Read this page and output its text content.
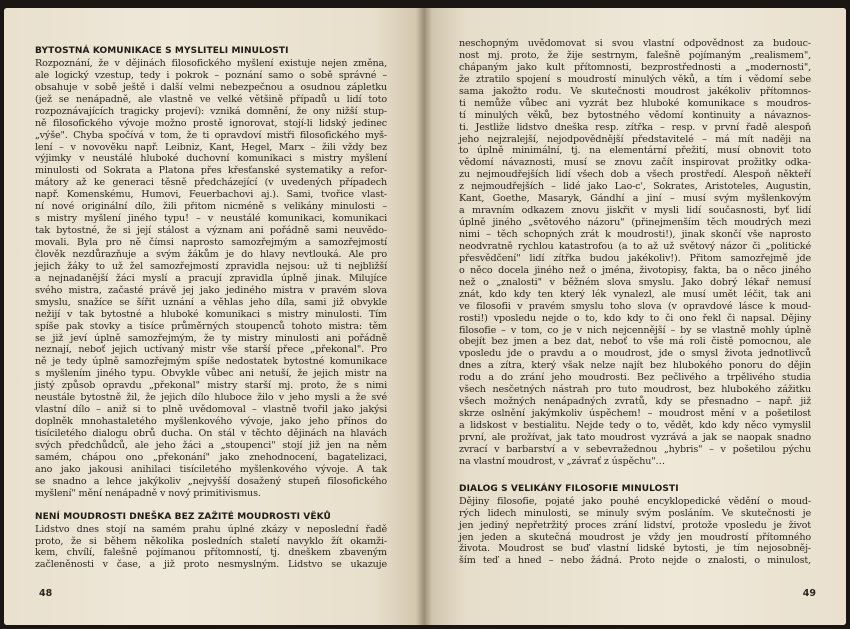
BYTOSTNÁ KOMUNIKACE S MYSLITELI MINULOSTI
Rozpoznání, že v dějinách filosofického myšlení existuje nejen změna,
ale logický vzestup, tedy i pokrok – poznání samo o sobě správné –
obsahuje v sobě ještě i další velmi nebezpečnou a osudnou zápletku
(jež se nenápadně, ale vlastně ve velké většině případů u lidí toto
rozpoznávajících tragicky projeví): vzniká domnění, že ony nižší stup-
ně filosofického vývoje možno prostě ignorovat, stojí-li lidský jedinec
„výše". Chyba spočívá v tom, že ti opravdoví mistři filosofického myš-
lení – v novověku např. Leibniz, Kant, Hegel, Marx – žili vždy bez
výjimky v neustálé hluboké duchovní komunikaci s mistry myšlení
minulosti od Sokrata a Platona přes křesťanské systematiky a refor-
mátory až ke generaci těsně předcházející (v uvedených případech
např. Komenskému, Humovi, Feuerbachovi aj.). Sami, tvořice vlast-
ní nové originální dílo, žili přitom nicméně s velikány minulosti –
s mistry myšlení jiného typu! – v neustálé komunikaci, komunikaci
tak bytostné, že si její stálost a význam ani pořádně sami neuvědo-
movali. Byla pro ně čímsi naprosto samozřejmým a samozřejmostí
člověk nezdůrazňuje a svým žákům je do hlavy nevtlouká. Ale pro
jejich žáky to už žel samozřejmostí zpravidla nejsou: už ti nejbližší
a nejnadanější žáci myslí a pracují zpravidla úplně jinak. Milujíce
svého mistra, začasté právě jej jako jediného mistra v pravém slova
smyslu, snažíce se šířit uznání a věhlas jeho díla, sami již obvykle
nežijí v tak bytostné a hluboké komunikaci s mistry minulosti. Tím
spíše pak stovky a tisíce průměrných stoupenců tohoto mistra: těm
se již jeví úplně samozřejmým, že ty mistry minulosti ani pořádně
neznají, neboť jejich uctívaný mistr vše starší přece „překonal". Pro
ně je tedy úplně samozřejmým spíše nedostatek bytostné komunikace
s myšlením jiného typu. Obvykle vůbec ani netuší, že jejich mistr na
jistý způsob opravdu „překonal" mistry starší mj. proto, že s nimi
neustále bytostně žil, že jejich dílo hluboce žilo v jeho mysli a že své
vlastní dílo – aniž si to plně uvědomoval – vlastně tvořil jako jakýsi
doplněk mnohastaletého myšlenkového vývoje, jako jeho přínos do
tisíciletého dialogu obrů ducha. On stál v těchto dějinách na hlavách
svých předchůdců, ale jeho žáci a „stoupenci" stojí již jen na něm
samém, chápou ono „překonání" jako znehodnocení, bagatelizaci,
ano jako jakousi anihilaci tisíciletého myšlenkového vývoje. A tak
se snadno a lehce jakýkoliv „nejvyšší dosažený stupeň filosofického
myšlení" mění nenápadně v nový primitivismus.
NENÍ MOUDROSTI DNEŠKA BEZ ZAŽITÉ MOUDROSTI VĚKŮ
Lidstvo dnes stojí na samém prahu úplné zkázy v neposlední řadě
proto, že si během několika posledních staletí navyklo žít okamži-
kem, chvílí, falešně pojímanou přítomností, tj. dneškem zbaveným
začleněnosti v čase, a již proto nesmyslným. Lidstvo se ukazuje
48
neschopným uvědomovat si svou vlastní odpovědnost za budouc-
nost mj. proto, že žije sestrnym, falešně pojímaným „realismem",
chápaným jako kult přítomnosti, bezprostřednosti a „modernosti",
že ztratilo spojení s moudrostí minulých věků, a tím i vědomí sebe
sama jakožto rodu. Ve skutečnosti moudrost jakékoliv přítomnos-
ti nemůže vůbec ani vyzrát bez hluboké komunikace s moudros-
tí minulých věků, bez bytostného vědomí kontinuity a návaznos-
ti. Jestliže lidstvo dneška resp. zítřka – resp. v první řadě alespoň
jeho nejzralejší, nejodpovědnější představitelé – má mít naději na
to úplně minimální, tj. na elementární přežití, musí obnovit toto
vědomí návaznosti, musí se znovu začít inspirovat prožitky odka-
zu nejmoudřejších lidí všech dob a všech prostředí. Alespoň někteří
z nejmoudřejších – lidé jako Lao-c', Sokrates, Aristoteles, Augustin,
Kant, Goethe, Masaryk, Gándhí a jiní – musí svým myšlenkovým
a mravním odkazem znovu jiskřit v mysli lidí současnosti, byť lidí
úplně jiného „světového názoru" (přinejmenším těch moudrých mezi
nimi – těch schopných zrát k moudrosti!), jinak skončí vše naprosto
neodvratně rychlou katastrofou (a to až už světový názor či „politické
přesvědčení" lidí zítřka budou jakékoliv!). Přitom samozřejmě jde
o něco docela jiného než o jména, životopisy, fakta, ba o něco jiného
než o „znalosti" v běžném slova smyslu. Jako dobrý lékař nemusí
znát, kdo kdy ten který lék vynalezl, ale musí umět léčit, tak ani
ve filosofii v pravém smyslu toho slova (v opravdové lásce k moud-
rosti!) vposledu nejde o to, kdo kdy to či ono řekl či napsal. Dějiny
filosofie – v tom, co je v nich nejcennější – by se vlastně mohly úplně
obejít bez jmen a bez dat, neboť to vše má roli čistě pomocnou, ale
vposledu jde o pravdu a o moudrost, jde o smysl života jednotlivců
dnes a zítra, který však nelze najít bez hlubokého ponoru do dějin
rodu a do zrání jeho moudrosti. Bez pečlivého a trpělivého studia
všech nesčetných nástrah pro tuto moudrost, bez hlubokého zážitku
všech možných nenápadných zvratů, kdy se přesnadno – např. již
skrze oslnění jakýmkoliv úspěchem! – moudrost mění v a pošetilost
a lidskost v bestialitu. Nejde tedy o to, vědět, kdo kdy něco vymyslil
první, ale prožívat, jak tato moudrost vyzrává a jak se naopak snadno
zvrací v barbarství a v sebevražednou „hybris" – v pošetilou pýchu
na vlastní moudrost, v „závrať z úspěchu"…
DIALOG S VELIKÁNY FILOSOFIE MINULOSTI
Dějiny filosofie, pojaté jako pouhé encyklopedické vědění o moud-
rých lidech minulosti, se minuly svým posláním. Ve skutečnosti je
jen jediný nepřetržitý proces zrání lidství, protože vposledu je život
jen jeden a skutečná moudrost je vždy jen moudrostí přítomného
života. Moudrost se buď vlastní lidské bytosti, je tím nejosobněj-
ším teď a hned – nebo žádná. Proto nejde o znalosti, o minulost,
49
